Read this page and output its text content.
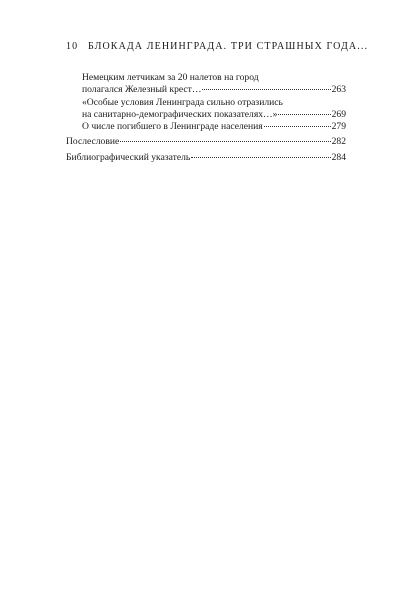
10 БЛОКАДА ЛЕНИНГРАДА. ТРИ СТРАШНЫХ ГОДА...
Немецким летчикам за 20 налетов на город
полагался Железный крест…	263
«Особые условия Ленинграда сильно отразились
на санитарно-демографических показателях…»	269
О числе погибшего в Ленинграде населения	279
Послесловие	282
Библиографический указатель	284
